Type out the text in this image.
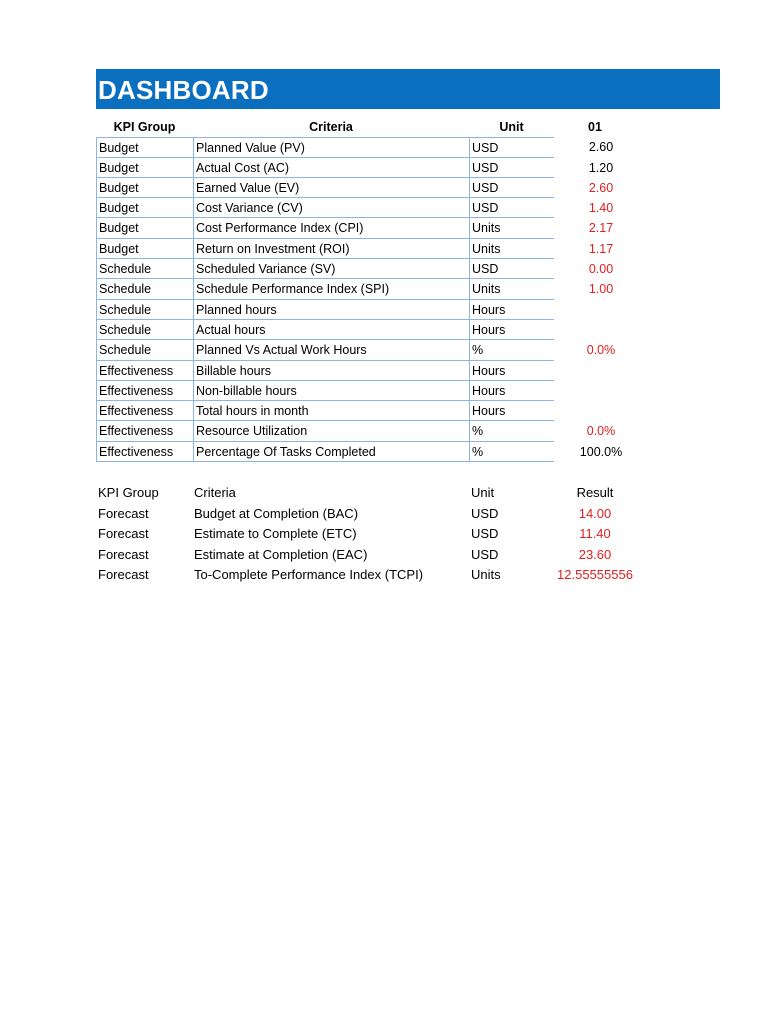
DASHBOARD
KPI Group	Criteria	Unit	01
Budget	Planned Value (PV)	USD	2.60
Budget	Actual Cost (AC)	USD	1.20
Budget	Earned Value (EV)	USD	2.60
Budget	Cost Variance (CV)	USD	1.40
Budget	Cost Performance Index (CPI)	Units	2.17
Budget	Return on Investment (ROI)	Units	1.17
Schedule	Scheduled Variance (SV)	USD	0.00
Schedule	Schedule Performance Index (SPI)	Units	1.00
Schedule	Planned hours	Hours
Schedule	Actual hours	Hours
Schedule	Planned Vs Actual Work Hours	%	0.0%
Effectiveness	Billable hours	Hours
Effectiveness	Non-billable hours	Hours
Effectiveness	Total hours in month	Hours
Effectiveness	Resource Utilization	%	0.0%
Effectiveness	Percentage Of Tasks Completed	%	100.0%
KPI Group	Criteria	Unit	Result
Forecast	Budget at Completion (BAC)	USD	14.00
Forecast	Estimate to Complete (ETC)	USD	11.40
Forecast	Estimate at Completion (EAC)	USD	23.60
Forecast	To-Complete Performance Index (TCPI)	Units	12.55555556
